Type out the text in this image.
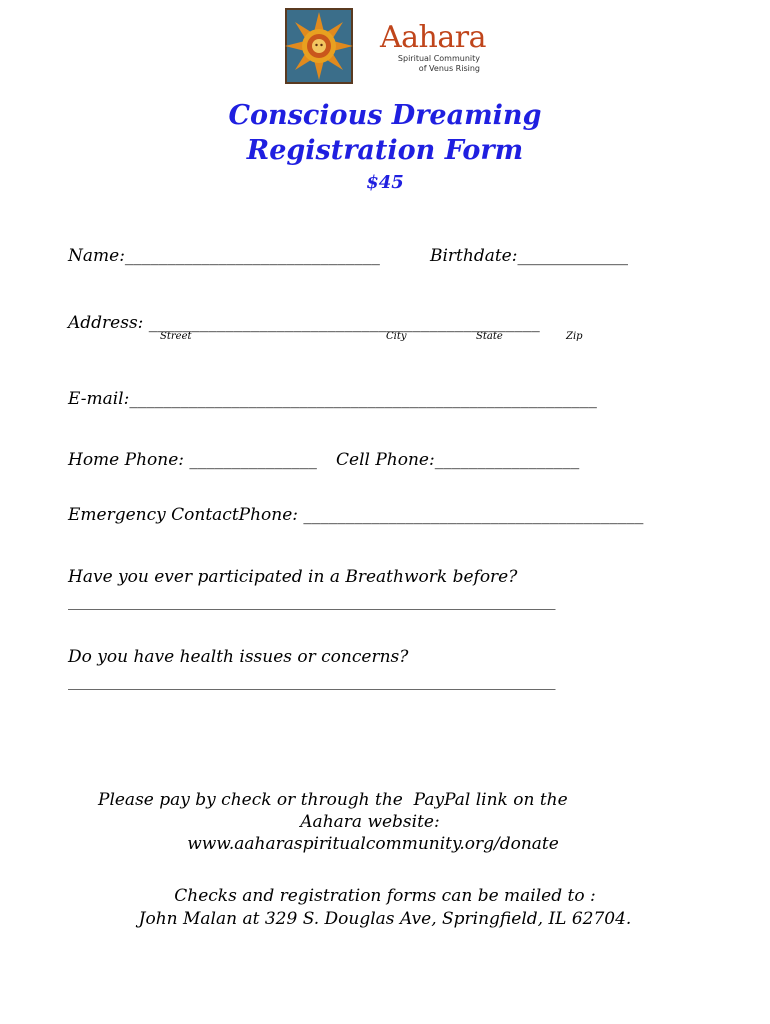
Aahara
Spiritual Community
of Venus Rising
Conscious Dreaming
Registration Form
$45
Name:______________________________	Birthdate:_____________
Address: ______________________________________________
Street	City	State	Zip
E-mail:_______________________________________________________
Home Phone: _______________ Cell Phone:_________________
Emergency ContactPhone: ________________________________________
Have you ever participated in a Breathwork before?
_________________________________________________________________
Do you have health issues or concerns?
_________________________________________________________________
Please pay by check or through the  PayPal link on the
Aahara website:
www.aaharaspiritualcommunity.org/donate
Checks and registration forms can be mailed to :
John Malan at 329 S. Douglas Ave, Springfield, IL 62704.
